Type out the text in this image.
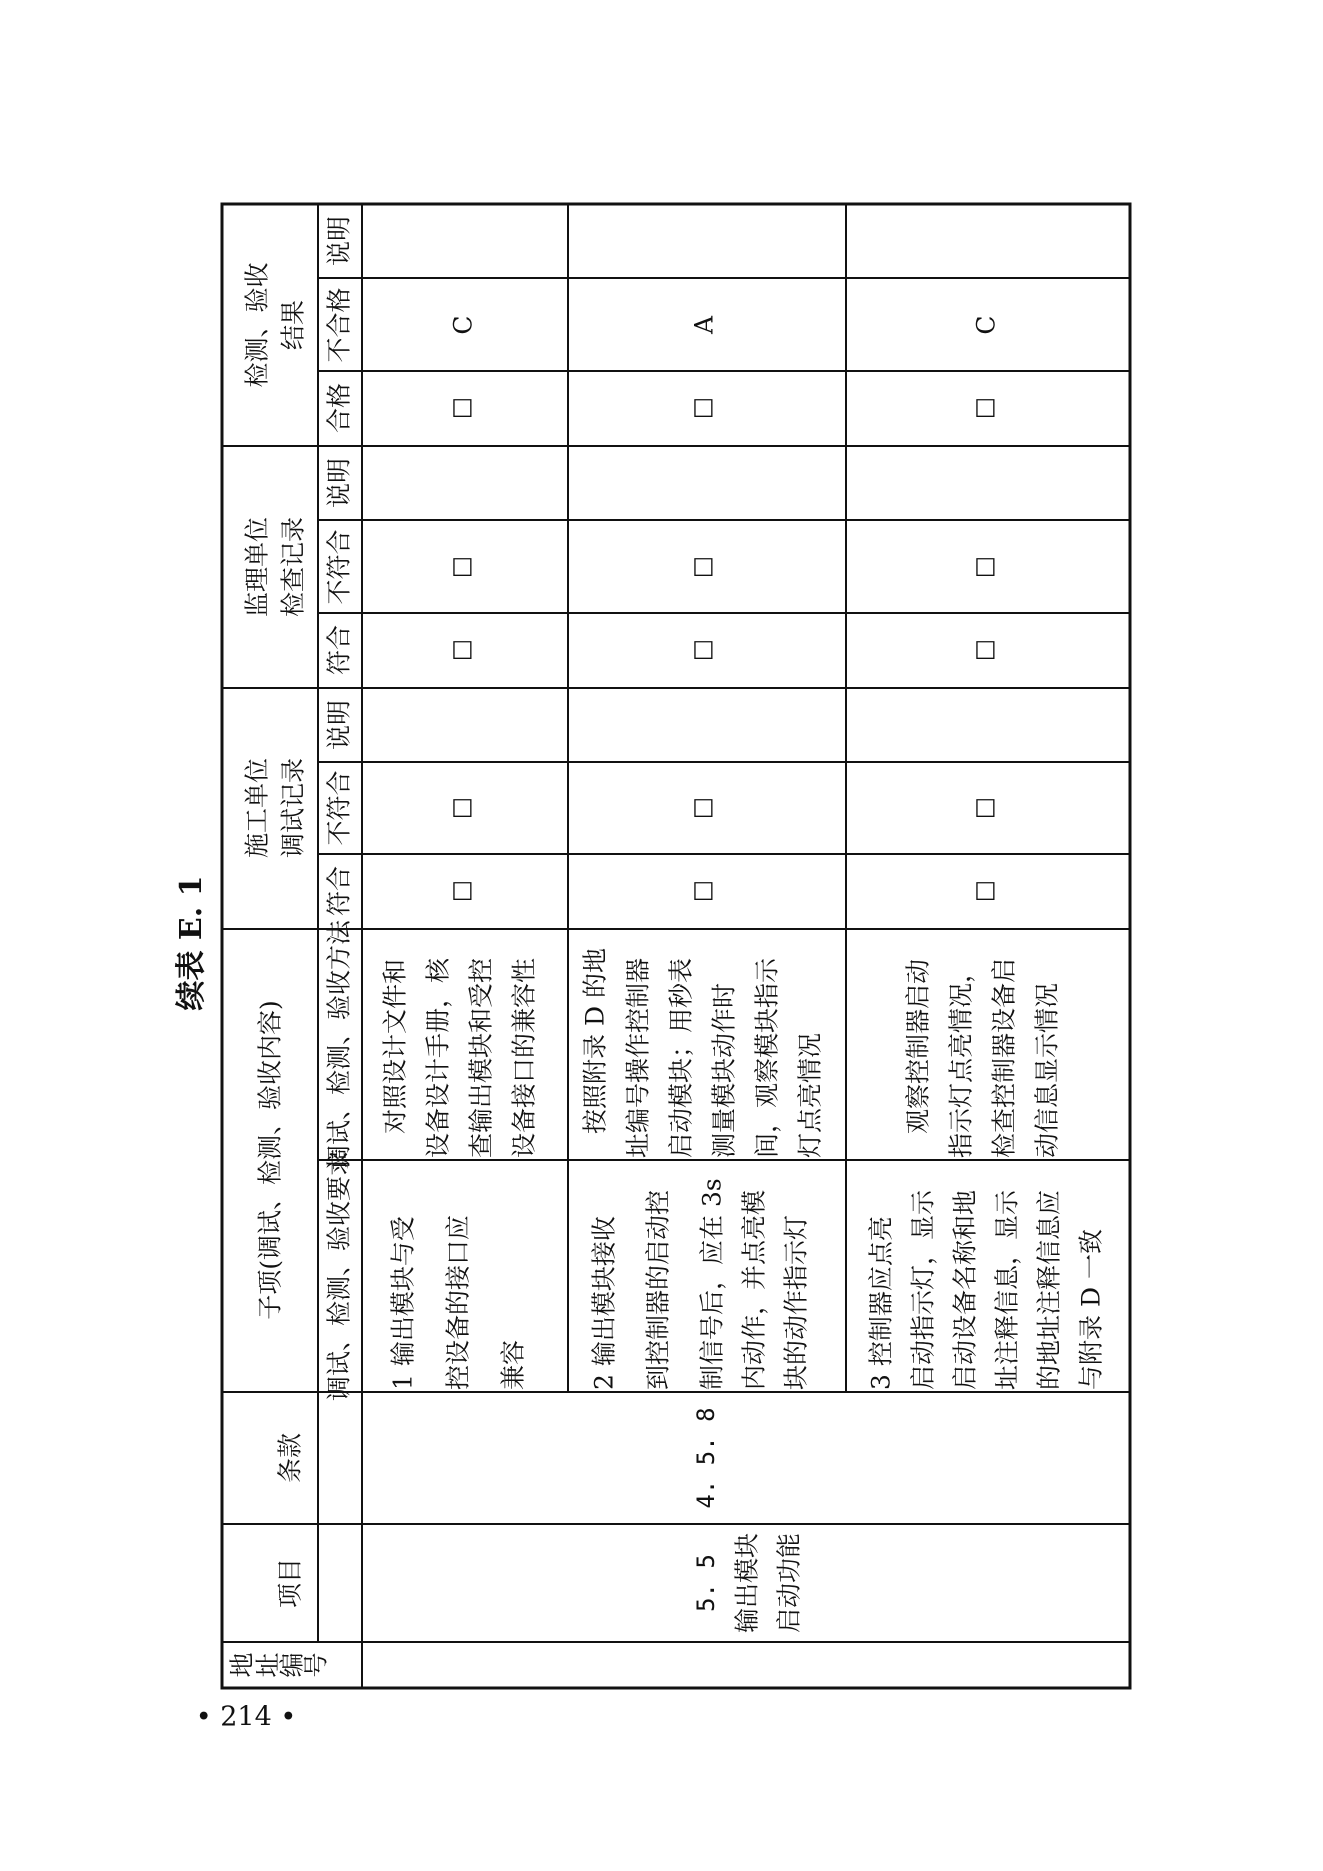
续表 E. 1
• 214 •
检测、验收 结果
监理单位 检查记录
施工单位 调试记录
子项(调试、检测、验收内容) 调试、检测、验收方法
调试、检测、验收要求
条款
项目
地
址
编
号
说明
不合格
合格
说明
不符合
符合
说明
不符合
符合
5. 5 输出模块 启动功能
4. 5. 8
1 输出模块与受 控设备的接口应 兼容
对照设计文件和 设备设计手册，核 查输出模块和受控 设备接口的兼容性
☐
☐
☐
☐
☐
C
2 输出模块接收 到控制器的启动控 制信号后，应在 3s 内动作，并点亮模 块的动作指示灯
按照附录 D 的地 址编号操作控制器 启动模块；用秒表 测量模块动作时 间，观察模块指示 灯点亮情况
☐
☐
☐
☐
☐
A
3 控制器应点亮 启动指示灯，显示 启动设备名称和地 址注释信息，显示 的地址注释信息应 与附录 D 一致
观察控制器启动 指示灯点亮情况， 检查控制器设备启 动信息显示情况
☐
☐
☐
☐
☐
C
